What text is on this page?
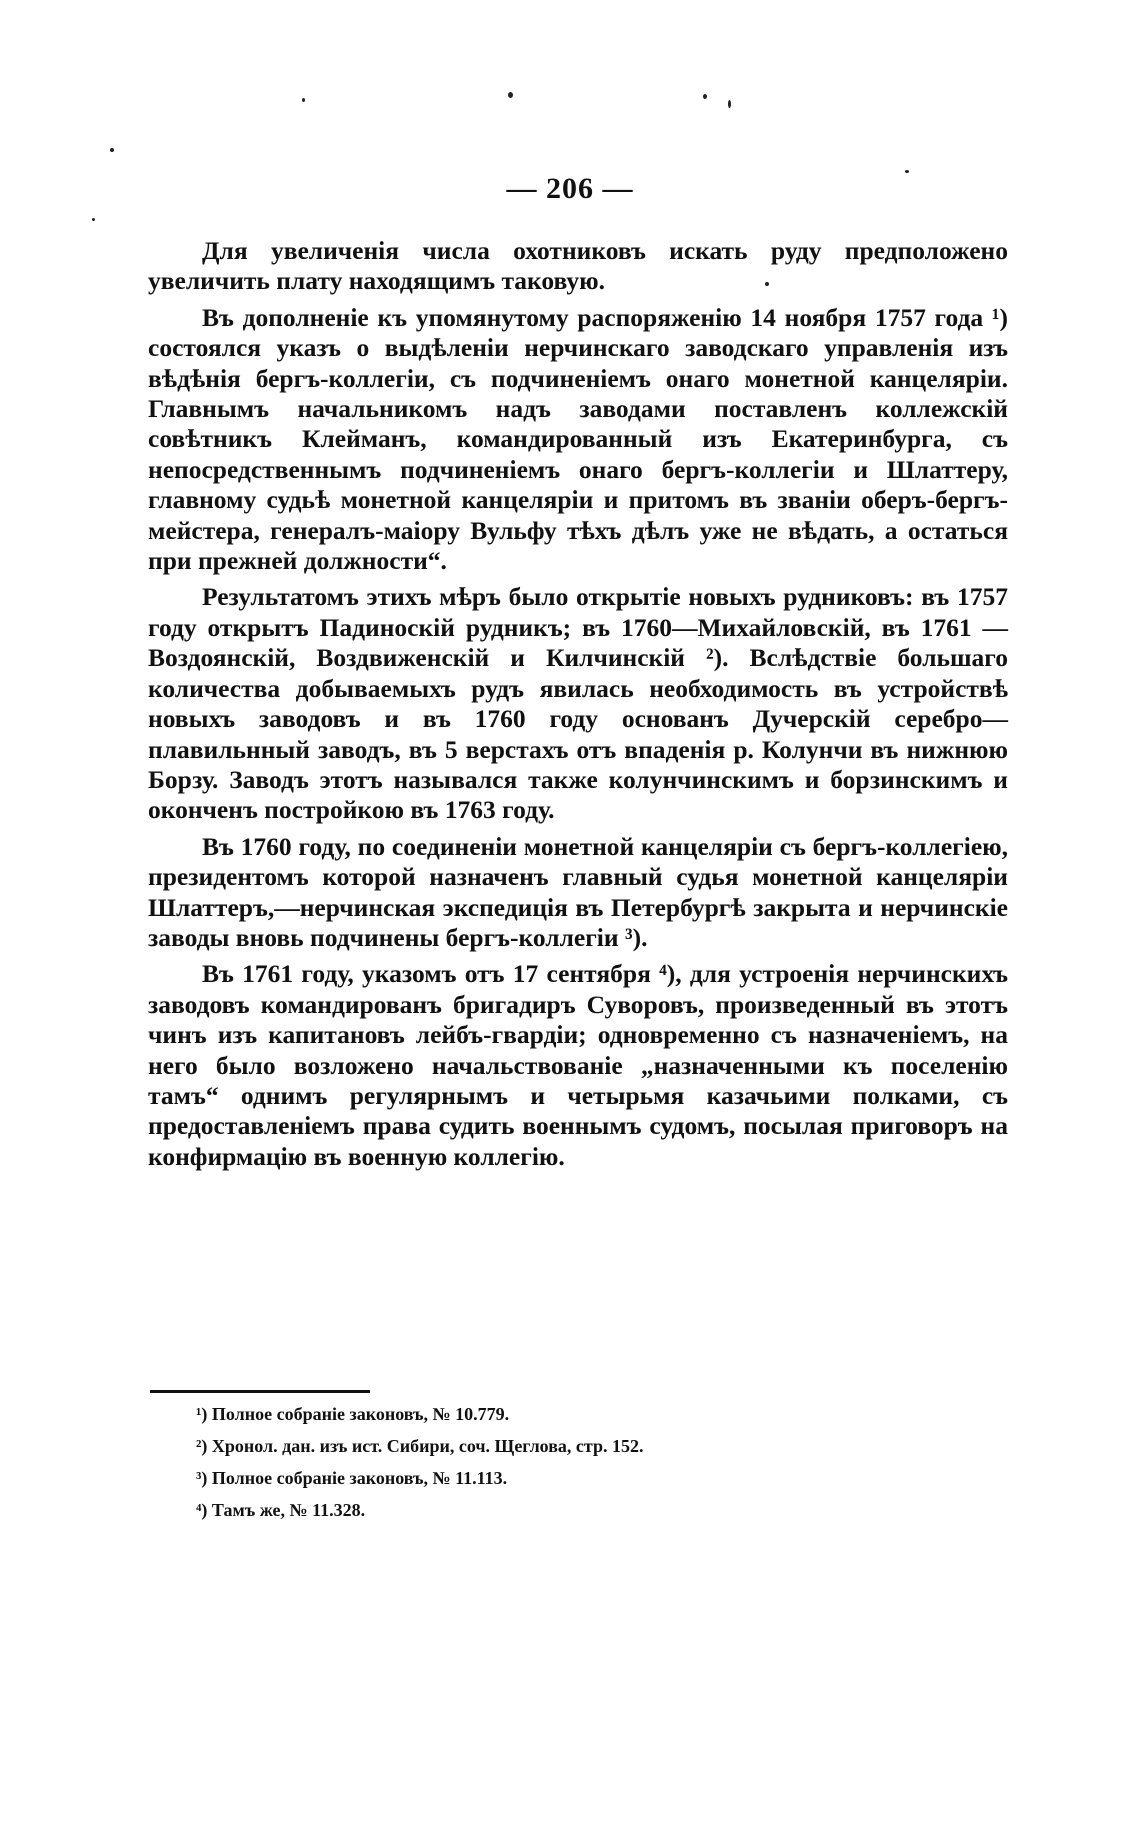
— 206 —

Для увеличенія числа охотниковъ искать руду предположено увеличить плату находящимъ таковую.

Въ дополненіе къ упомянутому распоряженію 14 ноября 1757 года ¹) состоялся указъ о выдѣленіи нерчинскаго заводскаго управленія изъ вѣдѣнія бергъ-коллегіи, съ подчиненіемъ онаго монетной канцеляріи. Главнымъ начальникомъ надъ заводами поставленъ коллежскій совѣтникъ Клейманъ, командированный изъ Екатеринбурга, съ непосредственнымъ подчиненіемъ онаго бергъ-коллегіи и Шлаттеру, главному судьѣ монетной канцеляріи и притомъ въ званіи оберъ-бергъ-мейстера, генералъ-маіору Вульфу тѣхъ дѣлъ уже не вѣдать, а остаться при прежней должности“.

Результатомъ этихъ мѣръ было открытіе новыхъ рудниковъ: въ 1757 году открытъ Падиноскій рудникъ; въ 1760—Михайловскій, въ 1761 — Воздоянскій, Воздвиженскій и Килчинскій ²). Вслѣдствіе большаго количества добываемыхъ рудъ явилась необходимость въ устройствѣ новыхъ заводовъ и въ 1760 году основанъ Дучерскій серебро—плавильнный заводъ, въ 5 верстахъ отъ впаденія р. Колунчи въ нижнюю Борзу. Заводъ этотъ назывался также колунчинскимъ и борзинскимъ и оконченъ постройкою въ 1763 году.

Въ 1760 году, по соединеніи монетной канцеляріи съ бергъ-коллегіею, президентомъ которой назначенъ главный судья монетной канцеляріи Шлаттеръ,—нерчинская экспедиція въ Петербургѣ закрыта и нерчинскіе заводы вновь подчинены бергъ-коллегіи ³).

Въ 1761 году, указомъ отъ 17 сентября ⁴), для устроенія нерчинскихъ заводовъ командированъ бригадиръ Суворовъ, произведенный въ этотъ чинъ изъ капитановъ лейбъ-гвардіи; одновременно съ назначеніемъ, на него было возложено начальствованіе „назначенными къ поселенію тамъ“ однимъ регулярнымъ и четырьмя казачьими полками, съ предоставленіемъ права судить военнымъ судомъ, посылая приговоръ на конфирмацію въ военную коллегію.

¹) Полное собраніе законовъ, № 10.779.

²) Хронол. дан. изъ ист. Сибири, соч. Щеглова, стр. 152.

³) Полное собраніе законовъ, № 11.113.

⁴) Тамъ же, № 11.328.
